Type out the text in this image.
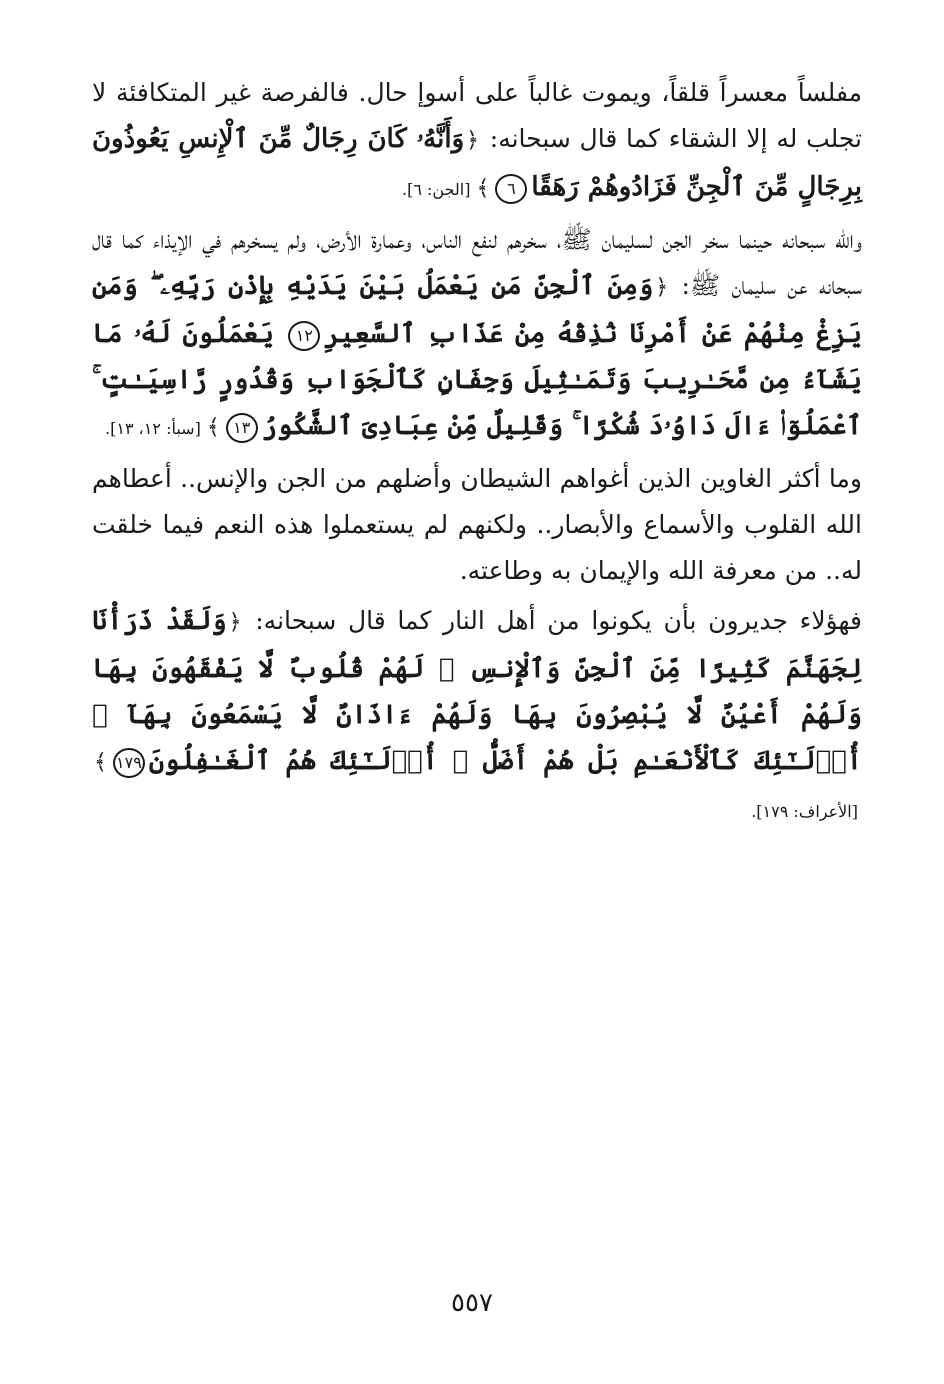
مفلساً معسراً قلقاً، ويموت غالباً على أسوإ حال. فالفرصة غير المتكافئة لا تجلب له إلا الشقاء كما قال سبحانه: ﴿وَأَنَّهُۥ كَانَ رِجَالٌ مِّنَ ٱلْإِنسِ يَعُوذُونَ بِرِجَالٍ مِّنَ ٱلْجِنِّ فَزَادُوهُمْ رَهَقًا٦﴾[الجن: ٦].

والله سبحانه حينما سخر الجن لسليمان ﷺ، سخرهم لنفع الناس، وعمارة الأرض، ولم يسخرهم في الإيذاء كما قال سبحانه عن سليمان ﷺ: ﴿وَمِنَ ٱلْجِنِّ مَن يَعْمَلُ بَيْنَ يَدَيْهِ بِإِذْنِ رَبِّهِۦ ۖ وَمَن يَزِغْ مِنْهُمْ عَنْ أَمْرِنَا نُذِقْهُ مِنْ عَذَابِ ٱلسَّعِيرِ١٢ يَعْمَلُونَ لَهُۥ مَا يَشَآءُ مِن مَّحَـٰرِيبَ وَتَمَـٰثِيلَ وَجِفَانٍ كَٱلْجَوَابِ وَقُدُورٍ رَّاسِيَـٰتٍ ۚ ٱعْمَلُوٓا۟ ءَالَ دَاوُۥدَ شُكْرًا ۚ وَقَلِيلٌ مِّنْ عِبَادِىَ ٱلشَّكُورُ١٣﴾[سبأ: ١٢، ١٣].

وما أكثر الغاوين الذين أغواهم الشيطان وأضلهم من الجن والإنس.. أعطاهم الله القلوب والأسماع والأبصار.. ولكنهم لم يستعملوا هذه النعم فيما خلقت له.. من معرفة الله والإيمان به وطاعته.

فهؤلاء جديرون بأن يكونوا من أهل النار كما قال سبحانه: ﴿وَلَقَدْ ذَرَأْنَا لِجَهَنَّمَ كَثِيرًا مِّنَ ٱلْجِنِّ وَٱلْإِنسِ ۖ لَهُمْ قُلُوبٌ لَّا يَفْقَهُونَ بِهَا وَلَهُمْ أَعْيُنٌ لَّا يُبْصِرُونَ بِهَا وَلَهُمْ ءَاذَانٌ لَّا يَسْمَعُونَ بِهَآ ۚ أُو۟لَـٰٓئِكَ كَٱلْأَنْعَـٰمِ بَلْ هُمْ أَضَلُّ ۚ أُو۟لَـٰٓئِكَ هُمُ ٱلْغَـٰفِلُونَ١٧٩﴾[الأعراف: ١٧٩].

٥٥٧
